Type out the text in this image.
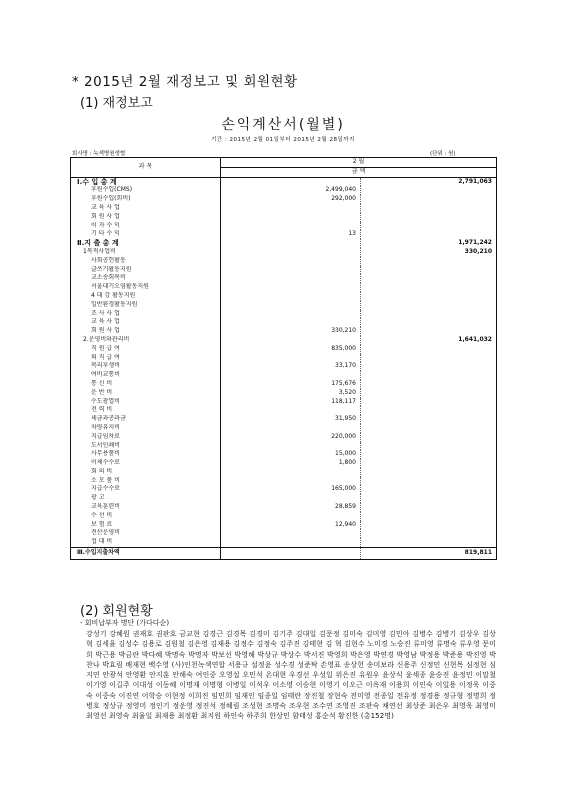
* 2015년 2월 재정보고 및 회원현황
(1) 재정보고
손익계산서(월별)
기간 : 2015년 2월 01일부터 2015년 2월 28일까지
회사명 : 녹색병원생협	(단위 : 원)
과 목	2 월	
	금 액	
Ⅰ.수 입 총 계		2,791,063
후원수입(CMS)	2,499,040	
후원수입(회비)	292,000	
교 육 사 업		
회 원 사 업		
이 자 수 익		
기 타 수 익	13	
Ⅱ.지 출 총 계		1,971,242
1목적사업비		330,210
사회공헌활동		
글쓰기활동지원		
교소송회복비		
서울대기오염활동지원		
4 대 강 활동지원		
일반환경활동지원		
조 사 사 업		
교 육 사 업		
회 원 사 업	330,210	
2.운영비와관리비		1,641,032
직 원 급 여	835,000	
퇴 직 급 여		
복리후생비	33,170	
여비교통비		
통 신 비	175,676	
운 반 비	3,520	
수도광열비	118,117	
전 력 비		
세금과공과금	31,950	
차량유지비		
지급임차료	220,000	
도서인쇄비		
사무용품비	15,000	
이체수수료	1,800	
회 의 비		
소 모 품 비		
지급수수료	165,000	
광 고		
교육훈련비	28,859	
수 선 비		
보 험 료	12,940	
전산운영비		
접 대 비		
Ⅲ.수입지출차액		819,811
(2) 회원현황
- 회비납부자 명단 (가다다순)
강성기 강혜원 권재호 권판호 금교현 김경근 김경목 김경미 김기주 김대일 김문정 김미숙 김미영 김민아 김병수 김병기 김상우 김상혁 김세율 김성수 김용로 김원철 김은영 김재용 김정수 김정숙 김주진 김태현 김 혁 김현수 노미경 노승진 류미영 류명숙 류우영 문미희 박근용 박금란 박다혜 박명숙 박명자 박보선 박영해 박상규 박상수 박서진 박영희 박은영 박연경 박영남 박정용 박준용 박진영 박찬나 박효림 배재현 백수영 (사)인천녹색연합 서용규 설정윤 성수경 성준탁 손영표 송상헌 송미보라 신용주 신정민 신현목 심정현 심지연 안광석 안영환 안지훈 안해숙 여인중 오영섭 오민석 온대현 우경선 우성일 위은진 유원우 윤상식 윤세종 윤승진 윤정민 이말철 이기영 이길주 이대성 이동혜 이명재 이명형 이병일 이석우 이소영 이승현 이영기 이오근 이옥재 이용희 이인숙 이일용 이정욱 이중숙 이중숙 이진연 이학승 이현정 이희진 임민희 임재인 임종일 임태란 장진철 장현숙 전미영 전종일 전유정 정경용 정규형 정명희 정병호 정상규 정영미 정인기 정운영 정진석 정혜림 조성현 조명숙 조우현 조수연 조영진 조판숙 채연선 최상준 최은우 최영욱 최영미 최영선 최영숙 최율일 최재용 최정환 최지원 하인숙 하주희 한상민 함태성 홍순석 황진한 (총152명)
